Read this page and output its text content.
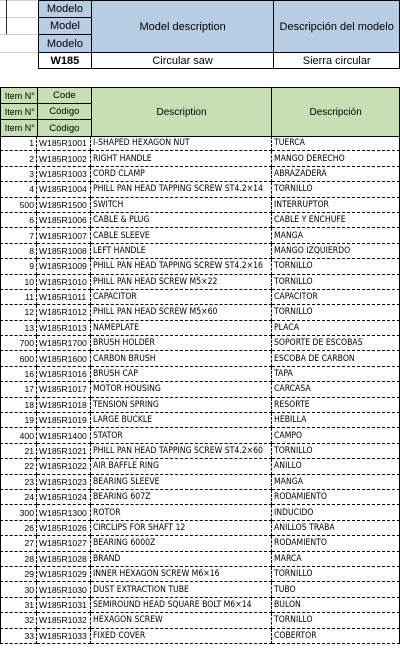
Modelo
Model
Modelo
Model description	Descripción del modelo
W185	Circular saw	Sierra circular
Item N°
Item N°
Item N°
Code
Código
Código
Description	Descripción
1 W185R1001 I-SHAPED HEXAGON NUT	TUERCA
2 W185R1002 RIGHT HANDLE	MANGO DERECHO
3 W185R1003 CORD CLAMP	ABRAZADERA
4 W185R1004 PHILL PAN HEAD TAPPING SCREW ST4.2×14	TORNILLO
500 W185R1500 SWITCH	INTERRUPTOR
6 W185R1006 CABLE & PLUG	CABLE Y ENCHUFE
7 W185R1007 CABLE SLEEVE	MANGA
8 W185R1008 LEFT HANDLE	MANGO IZQUIERDO
9 W185R1009 PHILL PAN HEAD TAPPING SCREW ST4.2×16	TORNILLO
10 W185R1010 PHILL PAN HEAD SCREW M5×22	TORNILLO
11 W185R1011 CAPACITOR	CAPACITOR
12 W185R1012 PHILL PAN HEAD SCREW M5×60	TORNILLO
13 W185R1013 NAMEPLATE	PLACA
700 W185R1700 BRUSH HOLDER	SOPORTE DE ESCOBAS
600 W185R1600 CARBON BRUSH	ESCOBA DE CARBON
16 W185R1016 BRUSH CAP	TAPA
17 W185R1017 MOTOR HOUSING	CARCASA
18 W185R1018 TENSION SPRING	RESORTE
19 W185R1019 LARGE BUCKLE	HEBILLA
400 W185R1400 STATOR	CAMPO
21 W185R1021 PHILL PAN HEAD TAPPING SCREW ST4.2×60	TORNILLO
22 W185R1022 AIR BAFFLE RING	ANILLO
23 W185R1023 BEARING SLEEVE	MANGA
24 W185R1024 BEARING 607Z	RODAMIENTO
300 W185R1300 ROTOR	INDUCIDO
26 W185R1026 CIRCLIPS FOR SHAFT 12	ANILLOS TRABA
27 W185R1027 BEARING 6000Z	RODAMIENTO
28 W185R1028 BRAND	MARCA
29 W185R1029 INNER HEXAGON SCREW M6×16	TORNILLO
30 W185R1030 DUST EXTRACTION TUBE	TUBO
31 W185R1031 SEMIROUND HEAD SQUARE BOLT M6×14	BULON
32 W185R1032 HEXAGON SCREW	TORNILLO
33 W185R1033 FIXED COVER	COBERTOR
